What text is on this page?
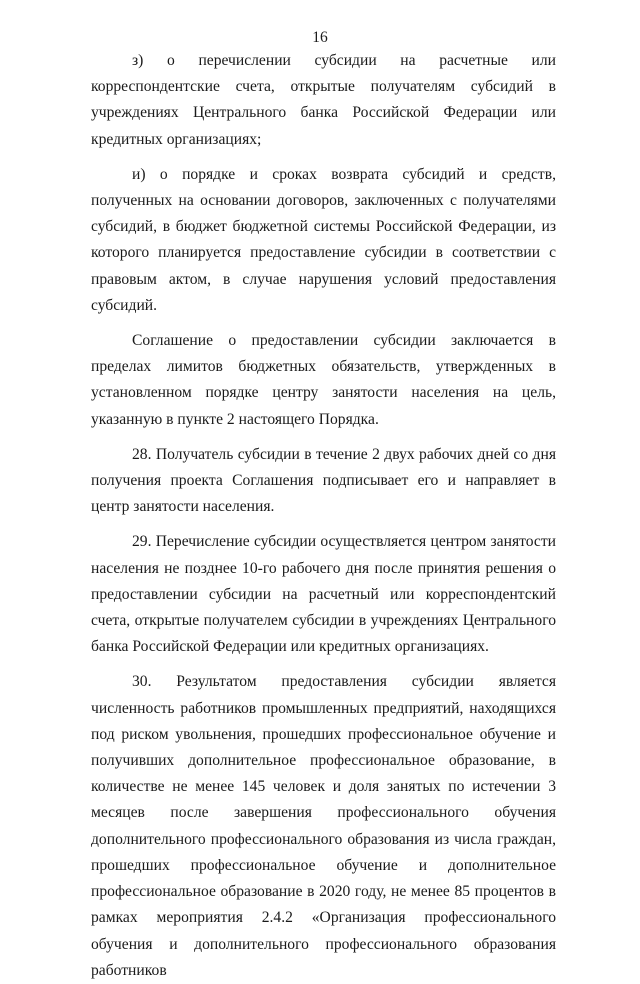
16

з) о перечислении субсидии на расчетные или корреспондентские счета, открытые получателям субсидий в учреждениях Центрального банка Российской Федерации или кредитных организациях;

и) о порядке и сроках возврата субсидий и средств, полученных на основании договоров, заключенных с получателями субсидий, в бюджет бюджетной системы Российской Федерации, из которого планируется предоставление субсидии в соответствии с правовым актом, в случае нарушения условий предоставления субсидий.

Соглашение о предоставлении субсидии заключается в пределах лимитов бюджетных обязательств, утвержденных в установленном порядке центру занятости населения на цель, указанную в пункте 2 настоящего Порядка.

28. Получатель субсидии в течение 2 двух рабочих дней со дня получения проекта Соглашения подписывает его и направляет в центр занятости населения.

29. Перечисление субсидии осуществляется центром занятости населения не позднее 10-го рабочего дня после принятия решения о предоставлении субсидии на расчетный или корреспондентский счета, открытые получателем субсидии в учреждениях Центрального банка Российской Федерации или кредитных организациях.

30. Результатом предоставления субсидии является численность работников промышленных предприятий, находящихся под риском увольнения, прошедших профессиональное обучение и получивших дополнительное профессиональное образование, в количестве не менее 145 человек и доля занятых по истечении 3 месяцев после завершения профессионального обучения дополнительного профессионального образования из числа граждан, прошедших профессиональное обучение и дополнительное профессиональное образование в 2020 году, не менее 85 процентов в рамках мероприятия 2.4.2 «Организация профессионального обучения и дополнительного профессионального образования работников
